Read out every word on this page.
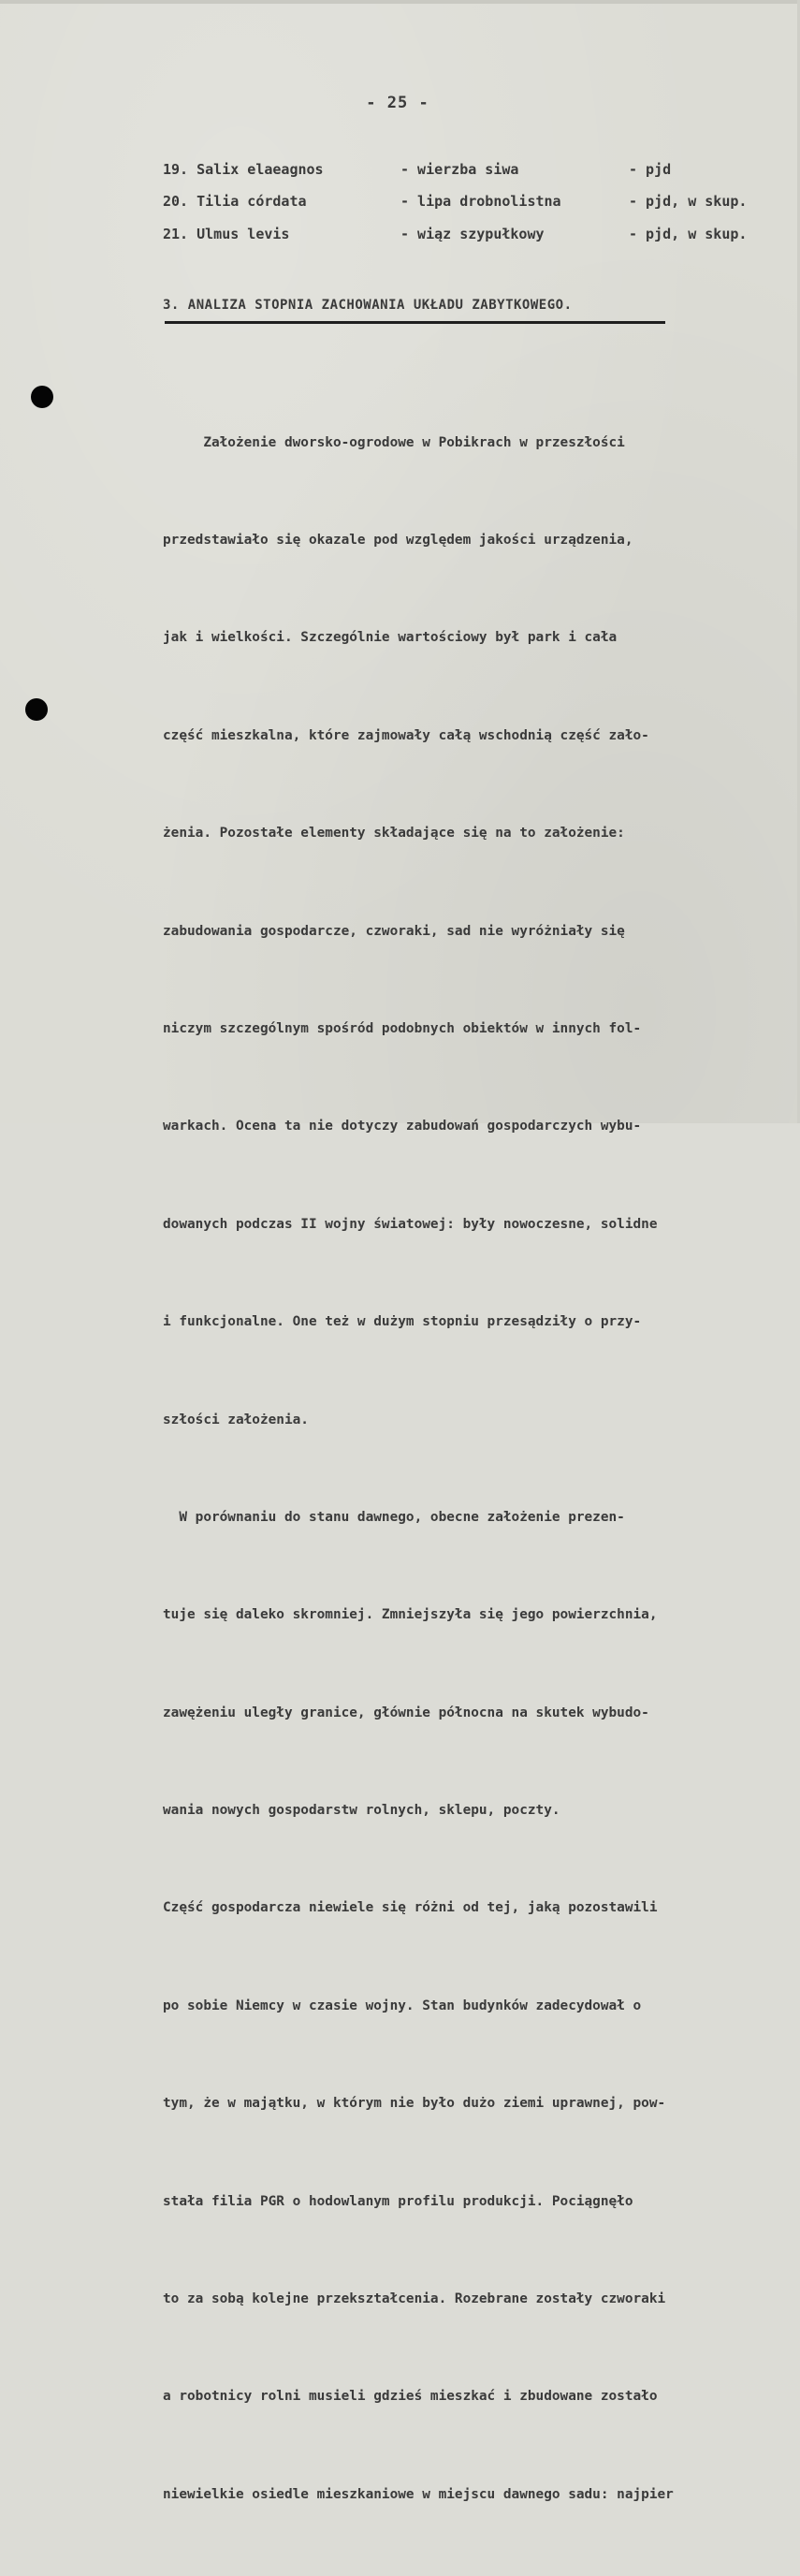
- 25 -
19. Salix elaeagnos	- wierzba siwa	- pjd
20. Tilia córdata	- lipa drobnolistna	- pjd, w skup.
21. Ulmus levis	- wiąz szypułkowy	- pjd, w skup.
3. ANALIZA STOPNIA ZACHOWANIA UKŁADU ZABYTKOWEGO.

Założenie dworsko-ogrodowe w Pobikrach w przeszłości

przedstawiało się okazale pod względem jakości urządzenia,

jak i wielkości. Szczególnie wartościowy był park i cała

część mieszkalna, które zajmowały całą wschodnią część zało-

żenia. Pozostałe elementy składające się na to założenie:

zabudowania gospodarcze, czworaki, sad nie wyróżniały się

niczym szczególnym spośród podobnych obiektów w innych fol-

warkach. Ocena ta nie dotyczy zabudowań gospodarczych wybu-

dowanych podczas II wojny światowej: były nowoczesne, solidne

i funkcjonalne. One też w dużym stopniu przesądziły o przy-

szłości założenia.

W porównaniu do stanu dawnego, obecne założenie prezen-

tuje się daleko skromniej. Zmniejszyła się jego powierzchnia,

zawężeniu uległy granice, głównie północna na skutek wybudo-

wania nowych gospodarstw rolnych, sklepu, poczty.

Część gospodarcza niewiele się różni od tej, jaką pozostawili

po sobie Niemcy w czasie wojny. Stan budynków zadecydował o

tym, że w majątku, w którym nie było dużo ziemi uprawnej, pow-

stała filia PGR o hodowlanym profilu produkcji. Pociągnęło

to za sobą kolejne przekształcenia. Rozebrane zostały czworaki

a robotnicy rolni musieli gdzieś mieszkać i zbudowane zostało

niewielkie osiedle mieszkaniowe w miejscu dawnego sadu: najpier
